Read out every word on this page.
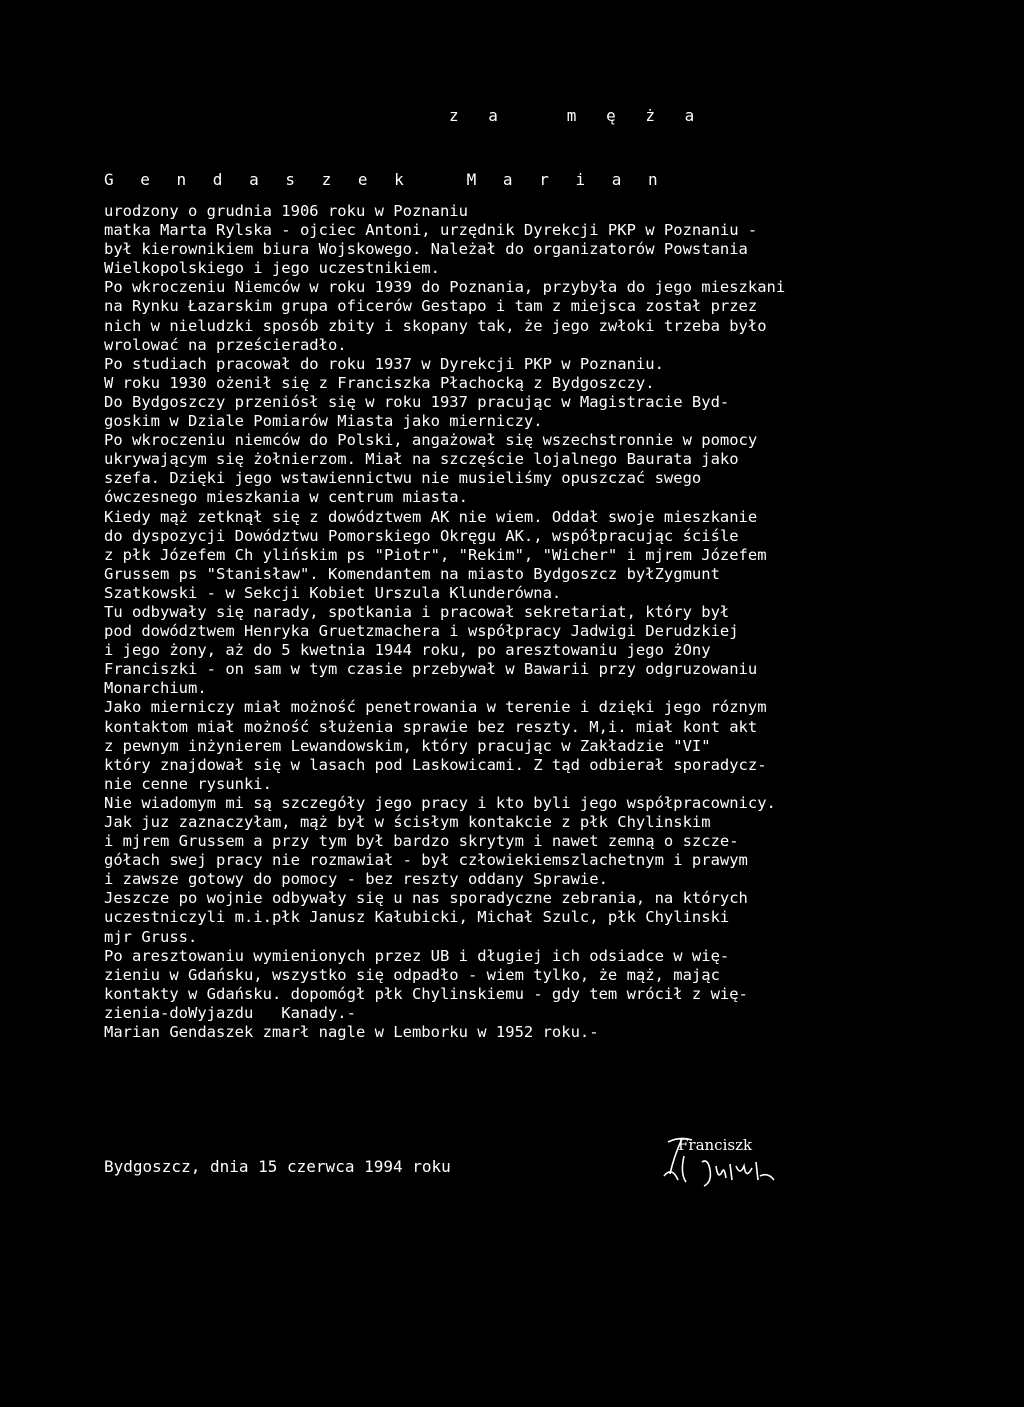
z a   m ę ż a
G e n d a s z e k   M a r i a n
urodzony o grudnia 1906 roku w Poznaniu
matka Marta Rylska - ojciec Antoni, urzędnik Dyrekcji PKP w Poznaniu -
był kierownikiem biura Wojskowego. Należał do organizatorów Powstania
Wielkopolskiego i jego uczestnikiem.
Po wkroczeniu Niemców w roku 1939 do Poznania, przybyła do jego mieszkani
na Rynku Łazarskim grupa oficerów Gestapo i tam z miejsca został przez
nich w nieludzki sposób zbity i skopany tak, że jego zwłoki trzeba było
wrolować na prześcieradło.
Po studiach pracował do roku 1937 w Dyrekcji PKP w Poznaniu.
W roku 1930 ożenił się z Franciszka Płachocką z Bydgoszczy.
Do Bydgoszczy przeniósł się w roku 1937 pracując w Magistracie Byd-
goskim w Dziale Pomiarów Miasta jako mierniczy.
Po wkroczeniu niemców do Polski, angażował się wszechstronnie w pomocy
ukrywającym się żołnierzom. Miał na szczęście lojalnego Baurata jako
szefa. Dzięki jego wstawiennictwu nie musieliśmy opuszczać swego
ówczesnego mieszkania w centrum miasta.
Kiedy mąż zetknął się z dowództwem AK nie wiem. Oddał swoje mieszkanie
do dyspozycji Dowództwu Pomorskiego Okręgu AK., współpracując ściśle
z płk Józefem Ch ylińskim ps "Piotr", "Rekim", "Wicher" i mjrem Józefem
Grussem ps "Stanisław". Komendantem na miasto Bydgoszcz byłZygmunt
Szatkowski - w Sekcji Kobiet Urszula Klunderówna.
Tu odbywały się narady, spotkania i pracował sekretariat, który był
pod dowództwem Henryka Gruetzmachera i współpracy Jadwigi Derudzkiej
i jego żony, aż do 5 kwetnia 1944 roku, po aresztowaniu jego żOny
Franciszki - on sam w tym czasie przebywał w Bawarii przy odgruzowaniu
Monarchium.
Jako mierniczy miał możność penetrowania w terenie i dzięki jego róznym
kontaktom miał możność służenia sprawie bez reszty. M,i. miał kont akt
z pewnym inżynierem Lewandowskim, który pracując w Zakładzie "VI"
który znajdował się w lasach pod Laskowicami. Z tąd odbierał sporadycz-
nie cenne rysunki.
Nie wiadomym mi są szczegóły jego pracy i kto byli jego współpracownicy.
Jak juz zaznaczyłam, mąż był w ścisłym kontakcie z płk Chylinskim
i mjrem Grussem a przy tym był bardzo skrytym i nawet zemną o szcze-
gółach swej pracy nie rozmawiał - był człowiekiemszlachetnym i prawym
i zawsze gotowy do pomocy - bez reszty oddany Sprawie.
Jeszcze po wojnie odbywały się u nas sporadyczne zebrania, na których
uczestniczyli m.i.płk Janusz Kałubicki, Michał Szulc, płk Chylinski
mjr Gruss.
Po aresztowaniu wymienionych przez UB i długiej ich odsiadce w wię-
zieniu w Gdańsku, wszystko się odpadło - wiem tylko, że mąż, mając
kontakty w Gdańsku. dopomógł płk Chylinskiemu - gdy tem wrócił z wię-
zienia-doWyjazdu   Kanady.-
Marian Gendaszek zmarł nagle w Lemborku w 1952 roku.-
Bydgoszcz, dnia 15 czerwca 1994 roku
Franciszk
